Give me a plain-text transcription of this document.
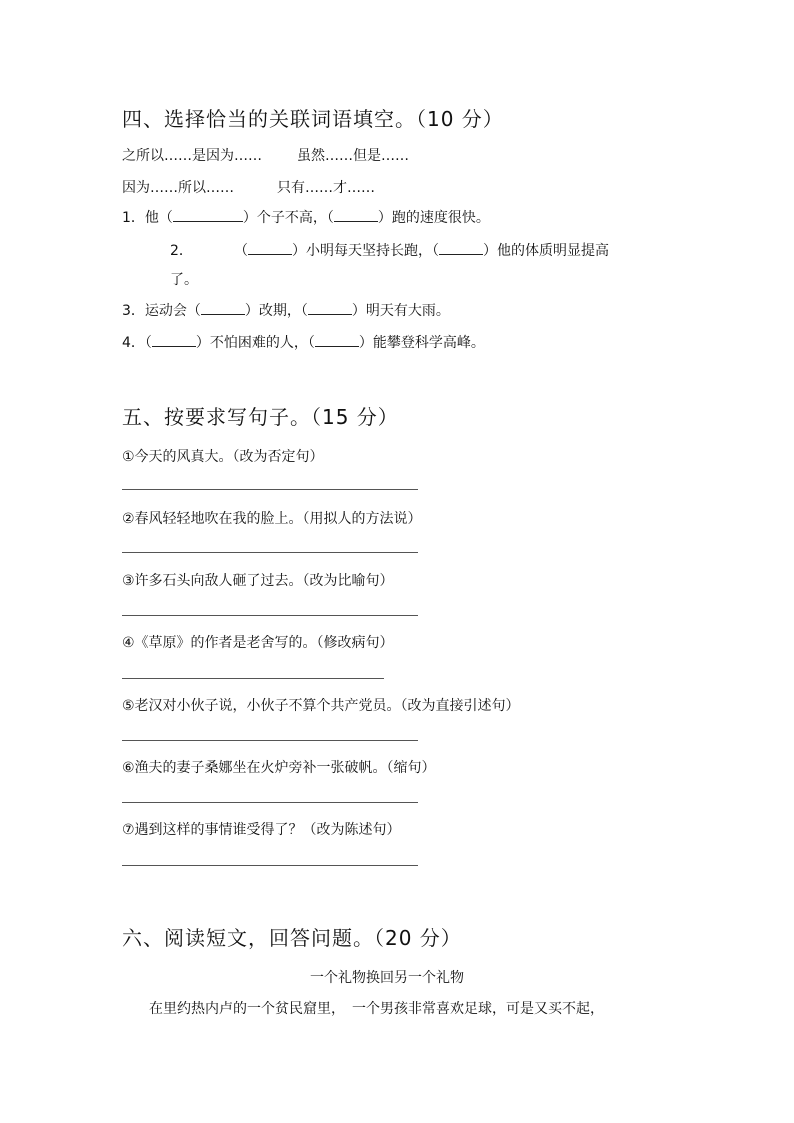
四、选择恰当的关联词语填空。（10 分）
之所以……是因为……	虽然……但是……
因为……所以……	只有……才……
1．他（	）个子不高，（	）跑的速度很快。
2．	（	）小明每天坚持长跑，（	）他的体质明显提高
了。
3．运动会（	）改期，（	）明天有大雨。
4．（	）不怕困难的人，（	）能攀登科学高峰。
五、按要求写句子。（15 分）
①今天的风真大。（改为否定句）
②春风轻轻地吹在我的脸上。（用拟人的方法说）
③许多石头向敌人砸了过去。（改为比喻句）
④《草原》的作者是老舍写的。（修改病句）
⑤老汉对小伙子说，小伙子不算个共产党员。（改为直接引述句）
⑥渔夫的妻子桑娜坐在火炉旁补一张破帆。（缩句）
⑦遇到这样的事情谁受得了？（改为陈述句）
六、阅读短文，回答问题。（20 分）
一个礼物换回另一个礼物
在里约热内卢的一个贫民窟里，　一个男孩非常喜欢足球，可是又买不起，
